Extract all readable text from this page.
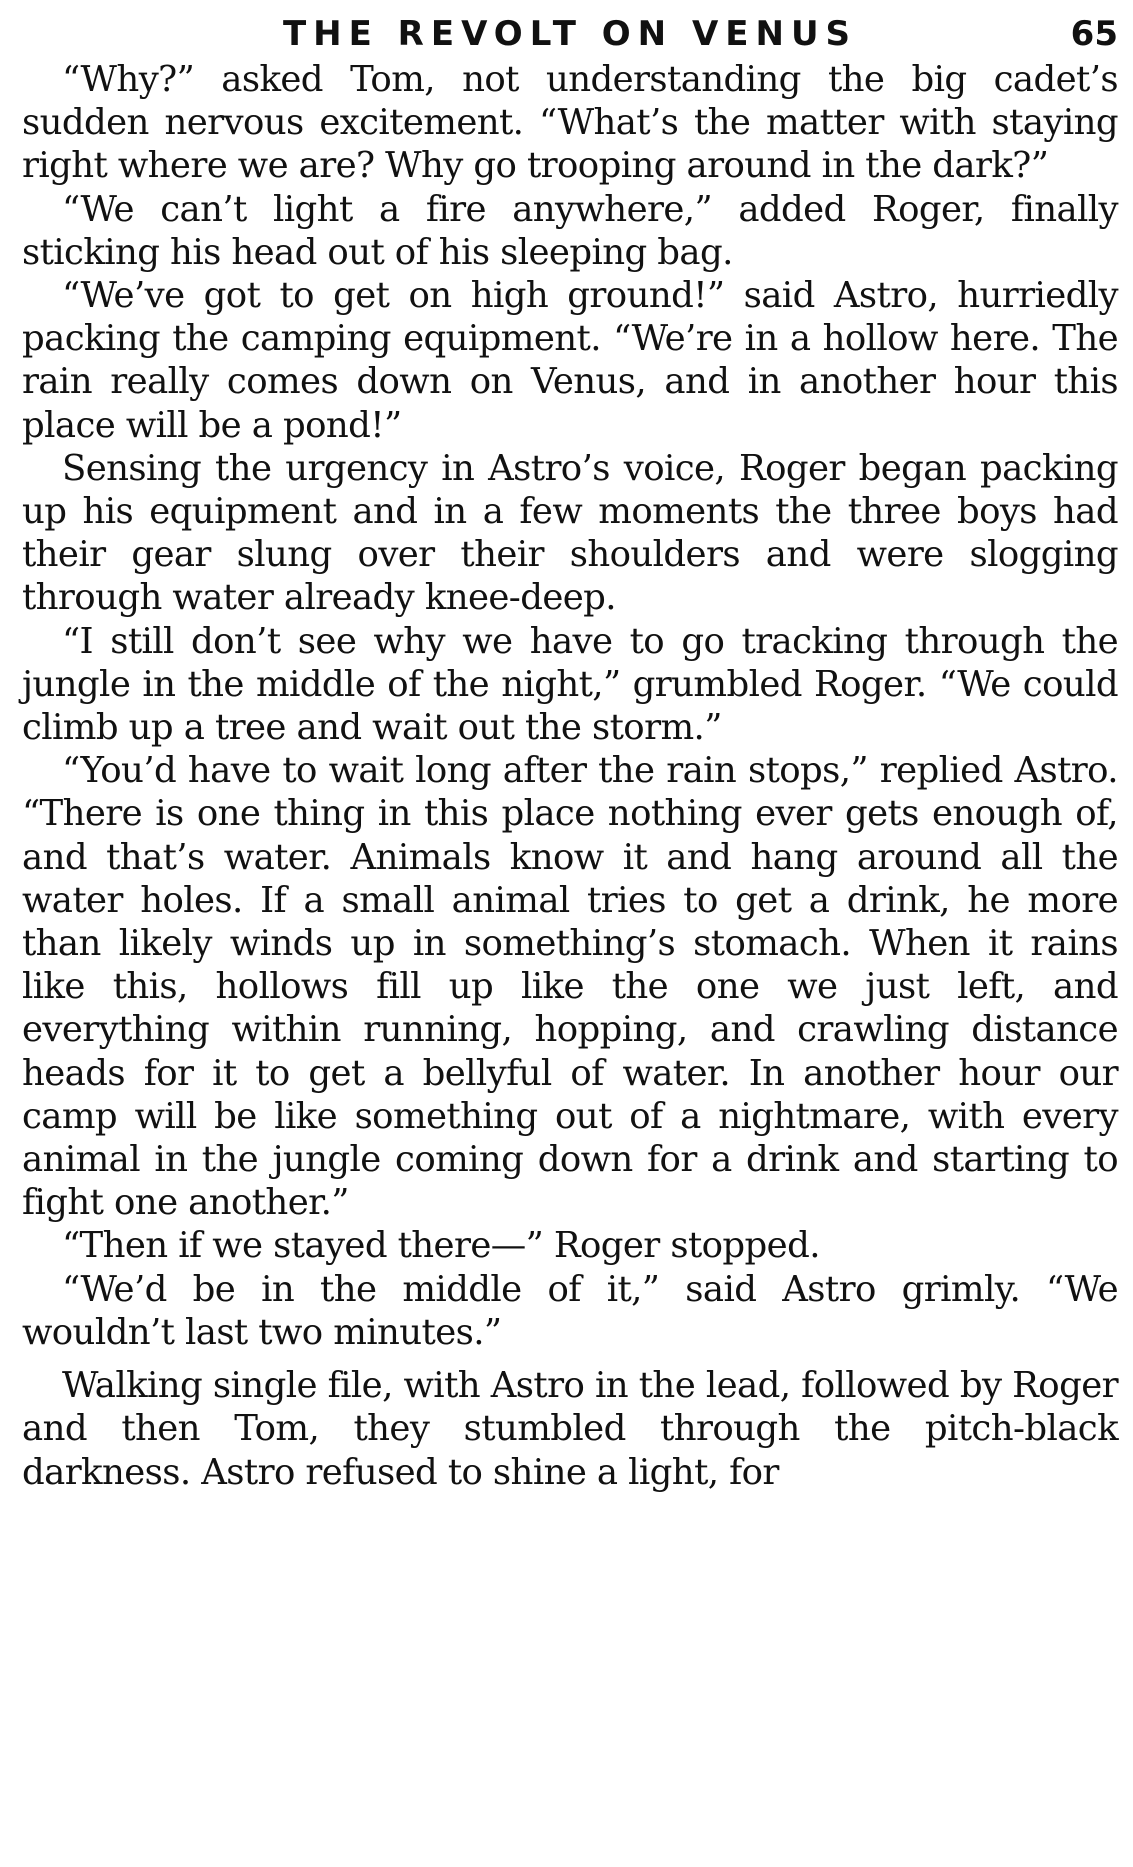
THE REVOLT ON VENUS	65

“Why?” asked Tom, not understanding the big cadet’s sudden nervous excitement. “What’s the matter with staying right where we are? Why go trooping around in the dark?”

“We can’t light a fire anywhere,” added Roger, finally sticking his head out of his sleeping bag.

“We’ve got to get on high ground!” said Astro, hurriedly packing the camping equipment. “We’re in a hollow here. The rain really comes down on Venus, and in another hour this place will be a pond!”

Sensing the urgency in Astro’s voice, Roger began packing up his equipment and in a few moments the three boys had their gear slung over their shoulders and were slogging through water already knee-deep.

“I still don’t see why we have to go tracking through the jungle in the middle of the night,” grumbled Roger. “We could climb up a tree and wait out the storm.”

“You’d have to wait long after the rain stops,” replied Astro. “There is one thing in this place nothing ever gets enough of, and that’s water. Animals know it and hang around all the water holes. If a small animal tries to get a drink, he more than likely winds up in something’s stomach. When it rains like this, hollows fill up like the one we just left, and everything within running, hopping, and crawling distance heads for it to get a bellyful of water. In another hour our camp will be like something out of a nightmare, with every animal in the jungle coming down for a drink and starting to fight one another.”

“Then if we stayed there—” Roger stopped.

“We’d be in the middle of it,” said Astro grimly. “We wouldn’t last two minutes.”

Walking single file, with Astro in the lead, followed by Roger and then Tom, they stumbled through the pitch-black darkness. Astro refused to shine a light, for
